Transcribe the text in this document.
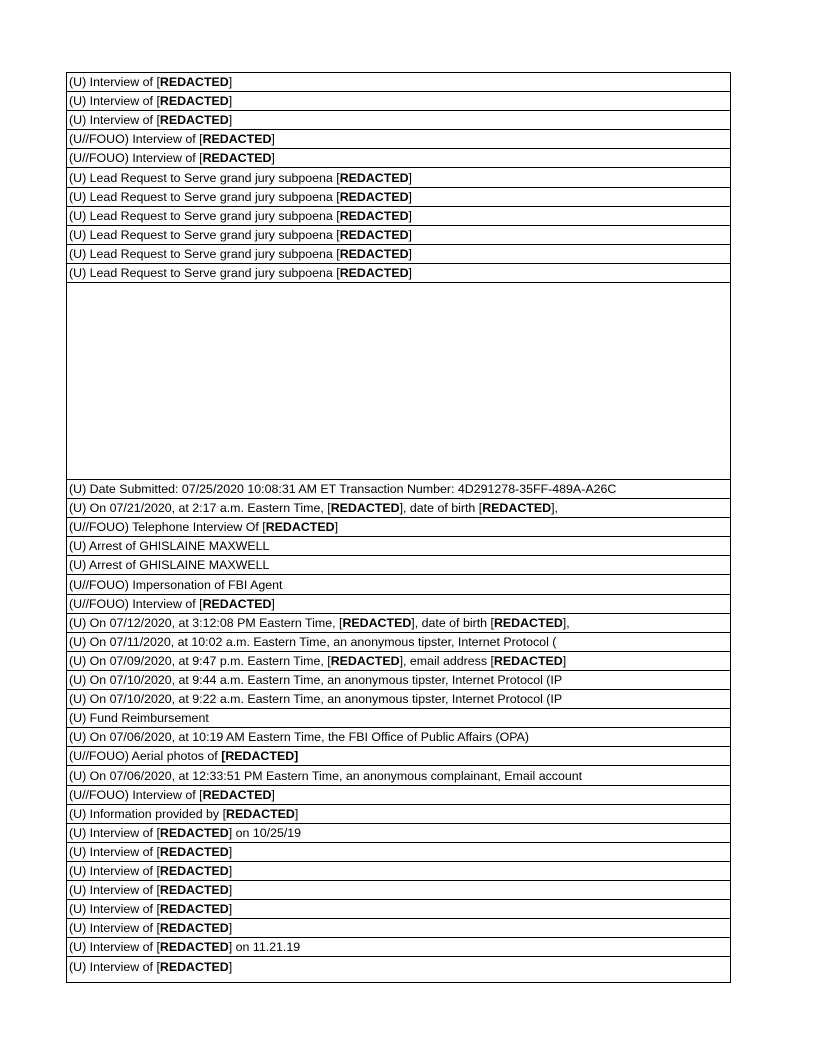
(U) Interview of [REDACTED]
(U) Interview of [REDACTED]
(U) Interview of [REDACTED]
(U//FOUO) Interview of [REDACTED]
(U//FOUO) Interview of [REDACTED]
(U) Lead Request to Serve grand jury subpoena [REDACTED]
(U) Lead Request to Serve grand jury subpoena [REDACTED]
(U) Lead Request to Serve grand jury subpoena [REDACTED]
(U) Lead Request to Serve grand jury subpoena [REDACTED]
(U) Lead Request to Serve grand jury subpoena [REDACTED]
(U) Lead Request to Serve grand jury subpoena [REDACTED]
(U) Date Submitted: 07/25/2020 10:08:31 AM ET Transaction Number: 4D291278-35FF-489A-A26C
(U) On 07/21/2020, at 2:17 a.m. Eastern Time, [REDACTED], date of birth [REDACTED],
(U//FOUO) Telephone Interview Of [REDACTED]
(U) Arrest of GHISLAINE MAXWELL
(U) Arrest of GHISLAINE MAXWELL
(U//FOUO) Impersonation of FBI Agent
(U//FOUO) Interview of [REDACTED]
(U) On 07/12/2020, at 3:12:08 PM Eastern Time, [REDACTED], date of birth [REDACTED],
(U) On 07/11/2020, at 10:02 a.m. Eastern Time, an anonymous tipster, Internet Protocol (
(U) On 07/09/2020, at 9:47 p.m. Eastern Time, [REDACTED], email address [REDACTED]
(U) On 07/10/2020, at 9:44 a.m. Eastern Time, an anonymous tipster, Internet Protocol (IP
(U) On 07/10/2020, at 9:22 a.m. Eastern Time, an anonymous tipster, Internet Protocol (IP
(U) Fund Reimbursement
(U) On 07/06/2020, at 10:19 AM Eastern Time, the FBI Office of Public Affairs (OPA)
(U//FOUO) Aerial photos of [REDACTED]
(U) On 07/06/2020, at 12:33:51 PM Eastern Time, an anonymous complainant, Email account
(U//FOUO) Interview of [REDACTED]
(U) Information provided by [REDACTED]
(U) Interview of [REDACTED] on 10/25/19
(U) Interview of [REDACTED]
(U) Interview of [REDACTED]
(U) Interview of [REDACTED]
(U) Interview of [REDACTED]
(U) Interview of [REDACTED]
(U) Interview of [REDACTED] on 11.21.19
(U) Interview of [REDACTED]
